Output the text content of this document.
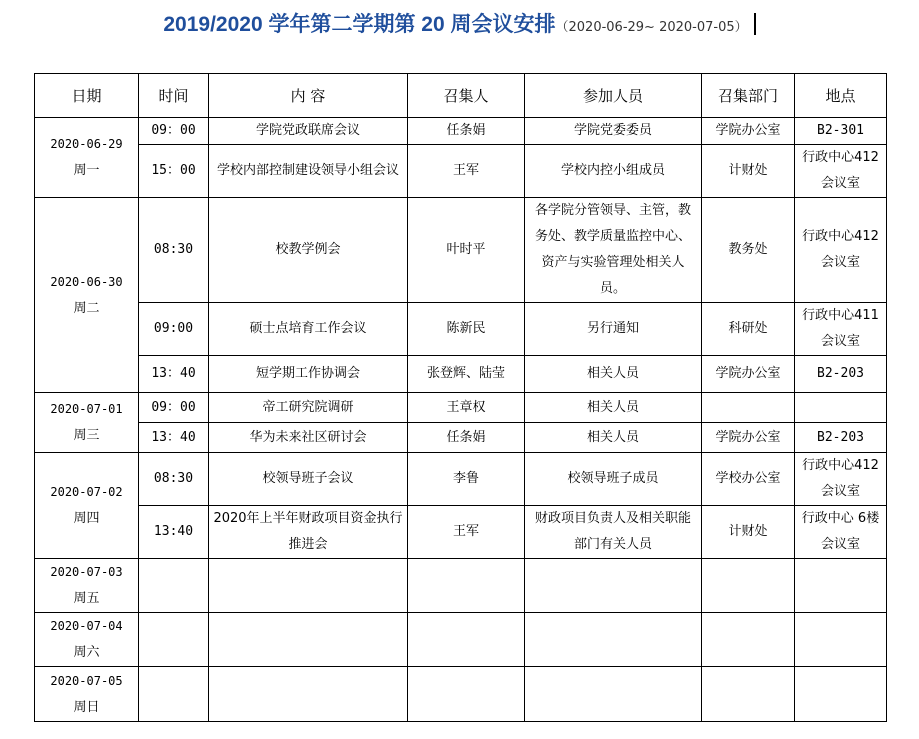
2019/2020 学年第二学期第 20 周会议安排（2020-06-29~ 2020-07-05）
日期	时间	内 容	召集人	参加人员	召集部门	地点
2020-06-29
周一	09：00	学院党政联席会议	任条娟	学院党委委员	学院办公室	B2-301
	15：00	学校内部控制建设领导小组会议	王军	学校内控小组成员	计财处	行政中心412 会议室
2020-06-30
周二	08:30	校教学例会	叶时平	各学院分管领导、主管，教务处、教学质量监控中心、资产与实验管理处相关人员。	教务处	行政中心412 会议室
	09:00	硕士点培育工作会议	陈新民	另行通知	科研处	行政中心411 会议室
	13：40	短学期工作协调会	张登辉、陆莹	相关人员	学院办公室	B2-203
2020-07-01
周三	09：00	帝工研究院调研	王章权	相关人员		
	13：40	华为未来社区研讨会	任条娟	相关人员	学院办公室	B2-203
2020-07-02
周四	08:30	校领导班子会议	李鲁	校领导班子成员	学校办公室	行政中心412 会议室
	13:40	2020年上半年财政项目资金执行推进会	王军	财政项目负责人及相关职能部门有关人员	计财处	行政中心 6楼会议室
2020-07-03
周五						
2020-07-04
周六						
2020-07-05
周日						
